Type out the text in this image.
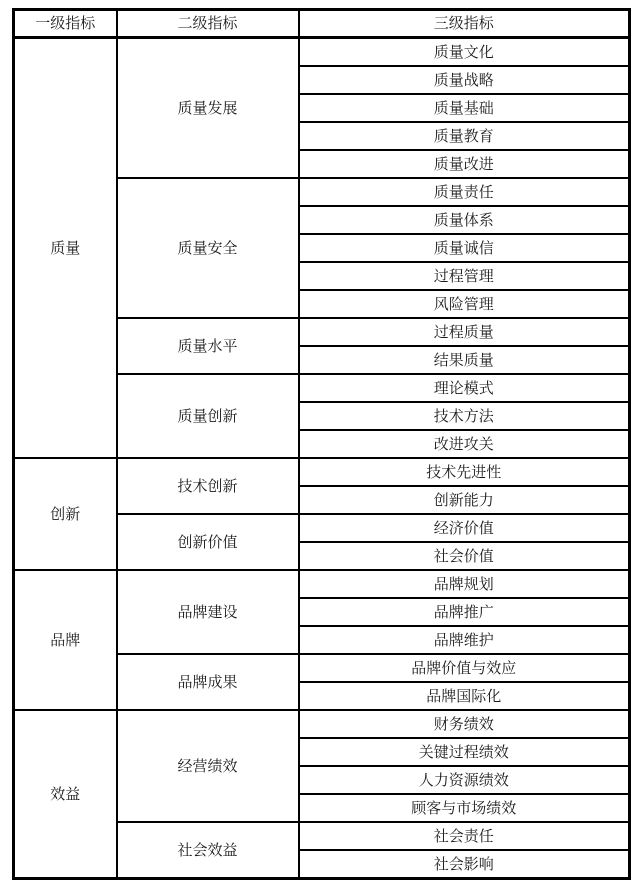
一级指标	二级指标	三级指标
质量	质量发展	质量文化
		质量战略
		质量基础
		质量教育
		质量改进
	质量安全	质量责任
		质量体系
		质量诚信
		过程管理
		风险管理
	质量水平	过程质量
		结果质量
	质量创新	理论模式
		技术方法
		改进攻关
创新	技术创新	技术先进性
		创新能力
	创新价值	经济价值
		社会价值
品牌	品牌建设	品牌规划
		品牌推广
		品牌维护
	品牌成果	品牌价值与效应
		品牌国际化
效益	经营绩效	财务绩效
		关键过程绩效
		人力资源绩效
		顾客与市场绩效
	社会效益	社会责任
		社会影响
